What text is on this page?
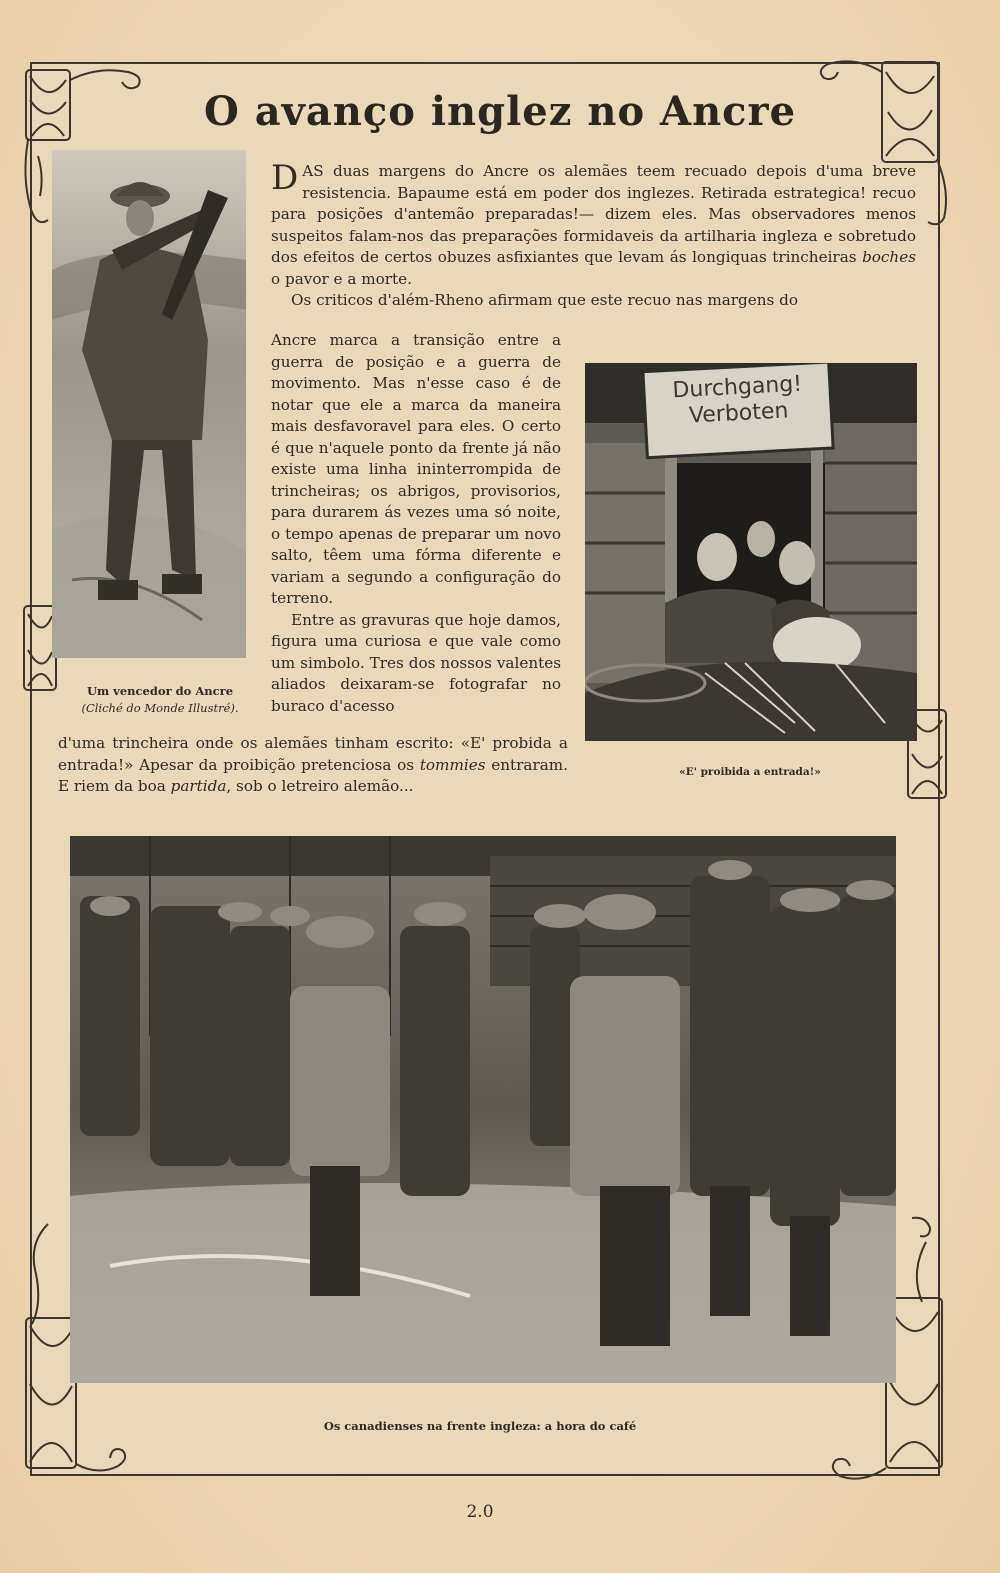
O avanço inglez no Ancre
Um vencedor do Ancre
(Cliché do Monde Illustré).
Durchgang!
Verboten
«E' proibida a entrada!»

DAS duas margens do Ancre os alemães teem recuado depois d'uma breve resistencia. Bapaume está em poder dos inglezes. Retirada estrategica! recuo para posições d'antemão preparadas!— dizem eles. Mas observadores menos suspeitos falam-nos das preparações formidaveis da artilharia ingleza e sobretudo dos efeitos de certos obuzes asfixiantes que levam ás longiquas trincheiras boches o pavor e a morte.

Os criticos d'além-Rheno afirmam que este recuo nas margens do

Ancre marca a transição entre a guerra de posição e a guerra de movimento. Mas n'esse caso é de notar que ele a marca da maneira mais desfavoravel para eles. O certo é que n'aquele ponto da frente já não existe uma linha ininterrompida de trincheiras; os abrigos, provisorios, para durarem ás vezes uma só noite, o tempo apenas de preparar um novo salto, têem uma fórma diferente e variam a segundo a configuração do terreno.

Entre as gravuras que hoje damos, figura uma curiosa e que vale como um simbolo. Tres dos nossos valentes aliados deixaram-se fotografar no buraco d'acesso

d'uma trincheira onde os alemães tinham escrito: «E' probida a entrada!» Apesar da proibição pretenciosa os tommies entraram. E riem da boa partida, sob o letreiro alemão...

Os canadienses na frente ingleza: a hora do café
2.0
